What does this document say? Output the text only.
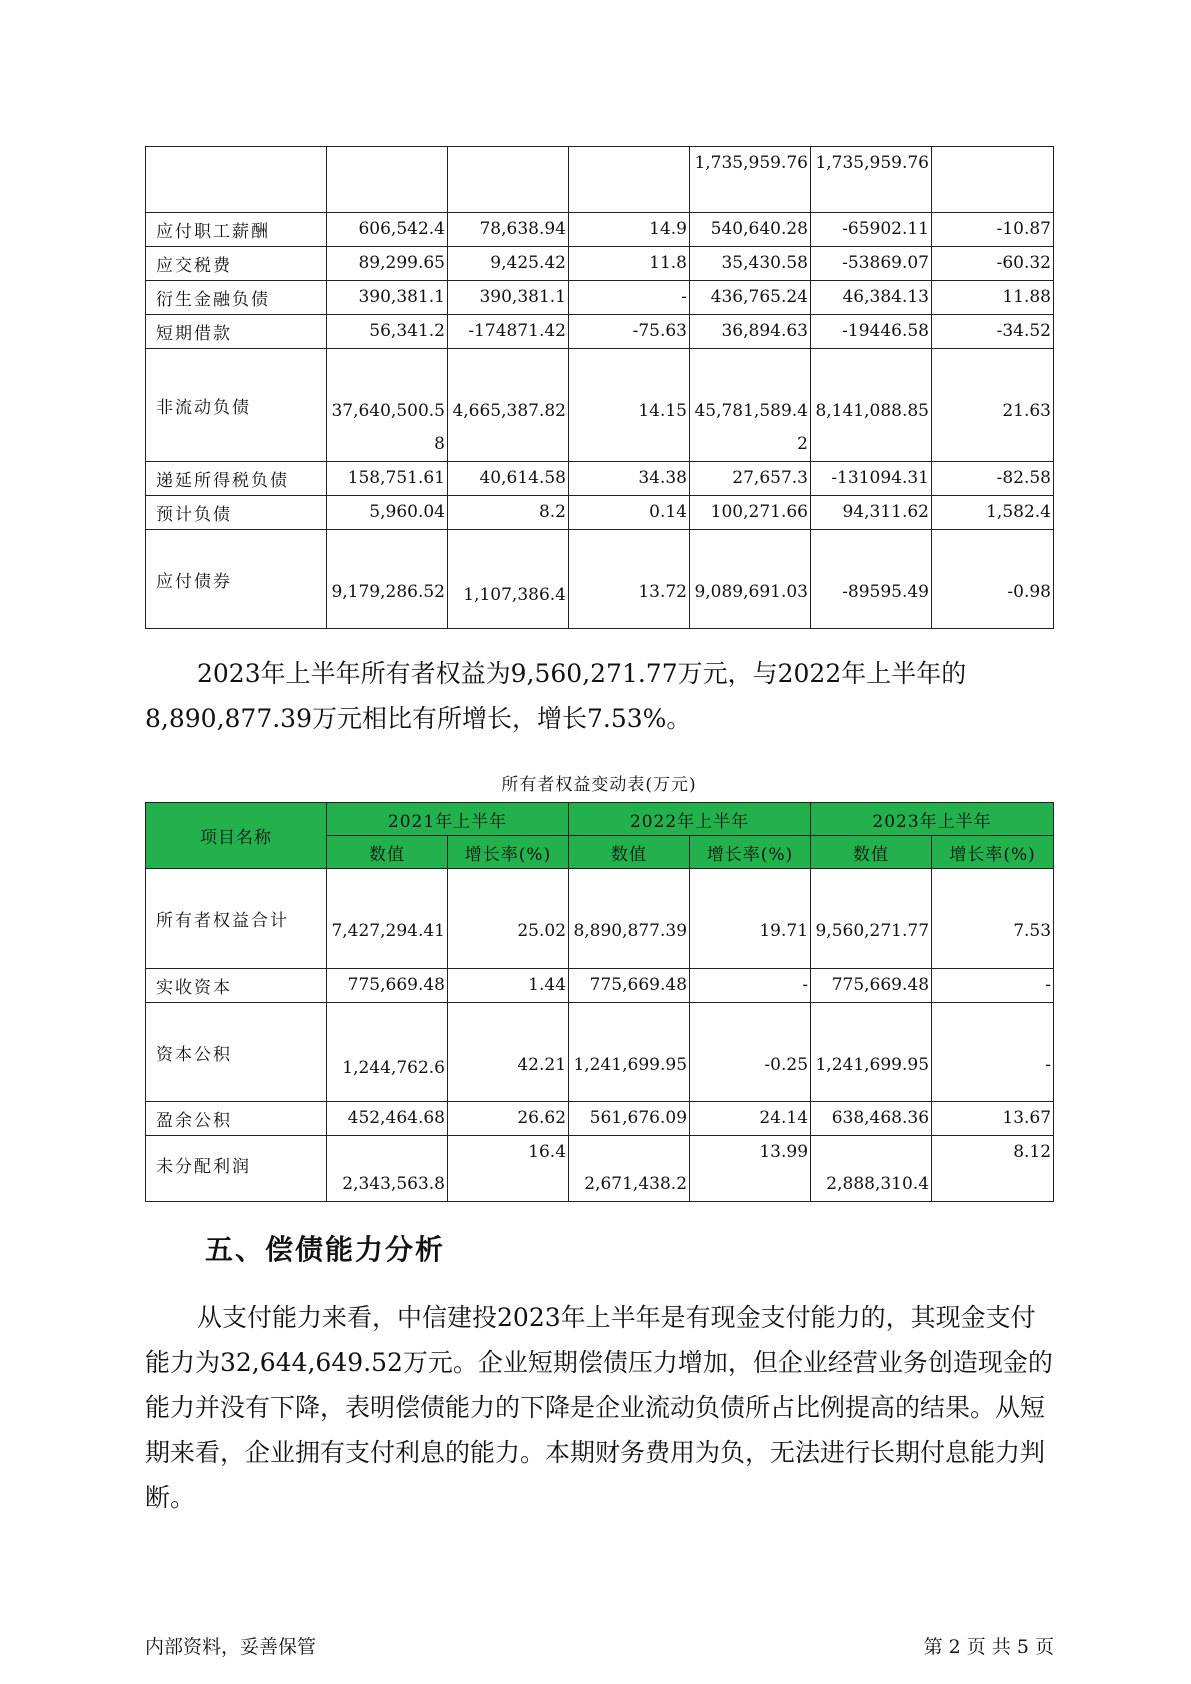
				1,735,959.76	1,735,959.76	
应付职工薪酬	606,542.4	78,638.94	14.9	540,640.28	-65902.11	-10.87
应交税费	89,299.65	9,425.42	11.8	35,430.58	-53869.07	-60.32
衍生金融负债	390,381.1	390,381.1	-	436,765.24	46,384.13	11.88
短期借款	56,341.2	-174871.42	-75.63	36,894.63	-19446.58	-34.52
非流动负债	37,640,500.58	4,665,387.82	14.15	45,781,589.42	8,141,088.85	21.63
递延所得税负债	158,751.61	40,614.58	34.38	27,657.3	-131094.31	-82.58
预计负债	5,960.04	8.2	0.14	100,271.66	94,311.62	1,582.4
应付债券	9,179,286.52	1,107,386.4	13.72	9,089,691.03	-89595.49	-0.98

2023年上半年所有者权益为9,560,271.77万元，与2022年上半年的8,890,877.39万元相比有所增长，增长7.53%。

所有者权益变动表(万元)
项目名称	2021年上半年		2022年上半年		2023年上半年	
	数值	增长率(%)	数值	增长率(%)	数值	增长率(%)
所有者权益合计	7,427,294.41	25.02	8,890,877.39	19.71	9,560,271.77	7.53
实收资本	775,669.48	1.44	775,669.48	-	775,669.48	-
资本公积	1,244,762.6	42.21	1,241,699.95	-0.25	1,241,699.95	-
盈余公积	452,464.68	26.62	561,676.09	24.14	638,468.36	13.67
未分配利润	2,343,563.8	16.4	2,671,438.2	13.99	2,888,310.4	8.12
五、偿债能力分析

从支付能力来看，中信建投2023年上半年是有现金支付能力的，其现金支付能力为32,644,649.52万元。企业短期偿债压力增加，但企业经营业务创造现金的能力并没有下降，表明偿债能力的下降是企业流动负债所占比例提高的结果。从短期来看，企业拥有支付利息的能力。本期财务费用为负，无法进行长期付息能力判断。

内部资料，妥善保管	第 2 页 共 5 页
